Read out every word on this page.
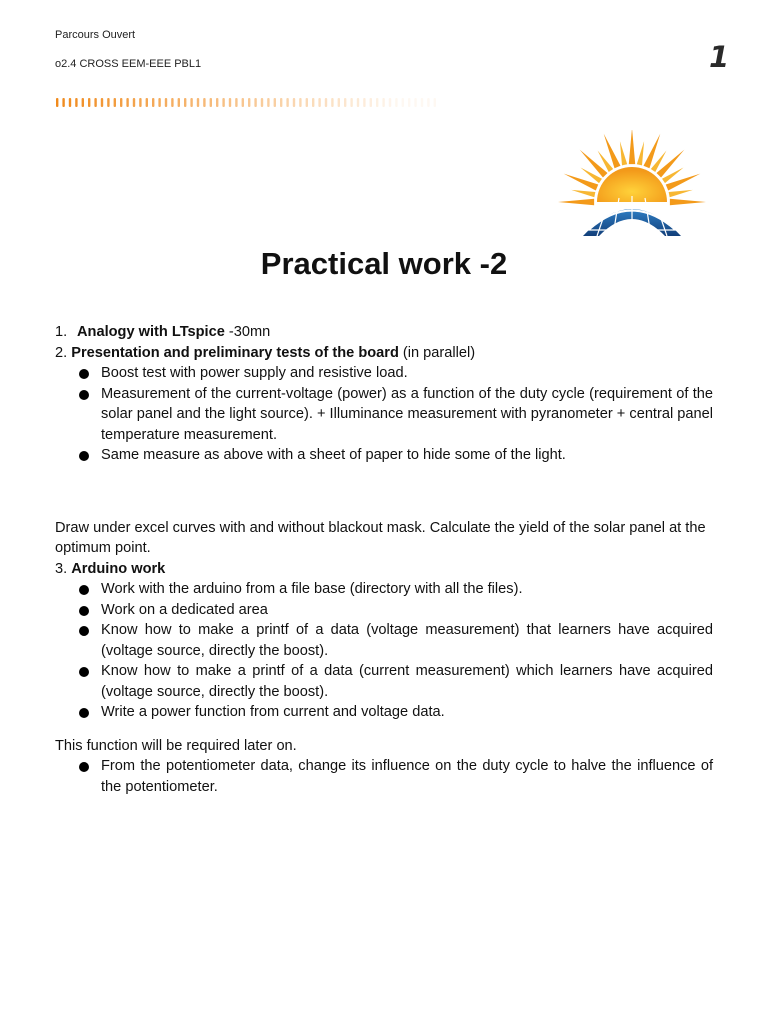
Parcours Ouvert
o2.4 CROSS EEM-EEE PBL1	1
Practical work -2

1. Analogy with LTspice -30mn

2. Presentation and preliminary tests of the board (in parallel)

Boost test with power supply and resistive load.
Measurement of the current-voltage (power) as a function of the duty cycle (requirement of the solar panel and the light source). + Illuminance measurement with pyranometer + central panel temperature measurement.
Same measure as above with a sheet of paper to hide some of the light.

Draw under excel curves with and without blackout mask. Calculate the yield of the solar panel at the optimum point.

3. Arduino work

Work with the arduino from a file base (directory with all the files).
Work on a dedicated area
Know how to make a printf of a data (voltage measurement) that learners have acquired (voltage source, directly the boost).
Know how to make a printf of a data (current measurement) which learners have acquired (voltage source, directly the boost).
Write a power function from current and voltage data.

This function will be required later on.

From the potentiometer data, change its influence on the duty cycle to halve the influence of the potentiometer.
